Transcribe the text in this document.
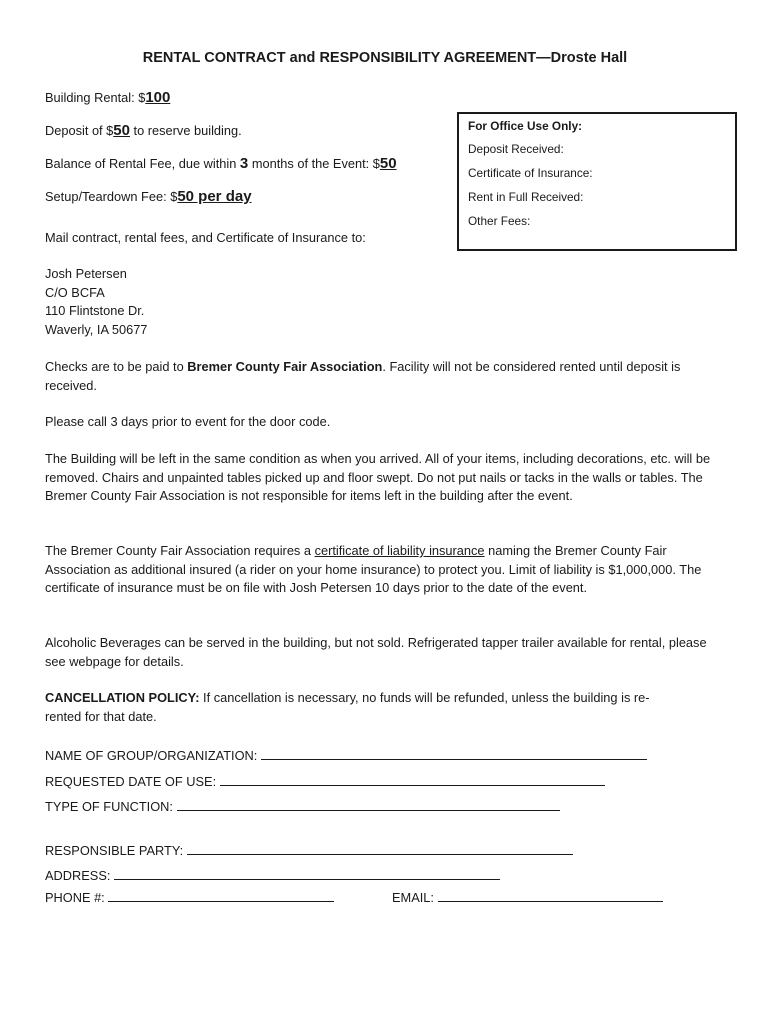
RENTAL CONTRACT and RESPONSIBILITY AGREEMENT—Droste Hall
Building Rental: $100
Deposit of $50 to reserve building.
Balance of Rental Fee, due within 3 months of the Event: $50
Setup/Teardown Fee: $50 per day
Mail contract, rental fees, and Certificate of Insurance to:
For Office Use Only:
Deposit Received:
Certificate of Insurance:
Rent in Full Received:
Other Fees:

Josh Petersen

C/O BCFA

110 Flintstone Dr.

Waverly, IA 50677

Checks are to be paid to Bremer County Fair Association. Facility will not be considered rented until deposit is received.
Please call 3 days prior to event for the door code.
The Building will be left in the same condition as when you arrived. All of your items, including decorations, etc. will be removed. Chairs and unpainted tables picked up and floor swept. Do not put nails or tacks in the walls or tables. The Bremer County Fair Association is not responsible for items left in the building after the event.
The Bremer County Fair Association requires a certificate of liability insurance naming the Bremer County Fair Association as additional insured (a rider on your home insurance) to protect you. Limit of liability is $1,000,000. The certificate of insurance must be on file with Josh Petersen 10 days prior to the date of the event.
Alcoholic Beverages can be served in the building, but not sold. Refrigerated tapper trailer available for rental, please see webpage for details.
CANCELLATION POLICY: If cancellation is necessary, no funds will be refunded, unless the building is re-rented for that date.
NAME OF GROUP/ORGANIZATION:
REQUESTED DATE OF USE:
TYPE OF FUNCTION:
RESPONSIBLE PARTY:
ADDRESS:
PHONE #:	EMAIL:
